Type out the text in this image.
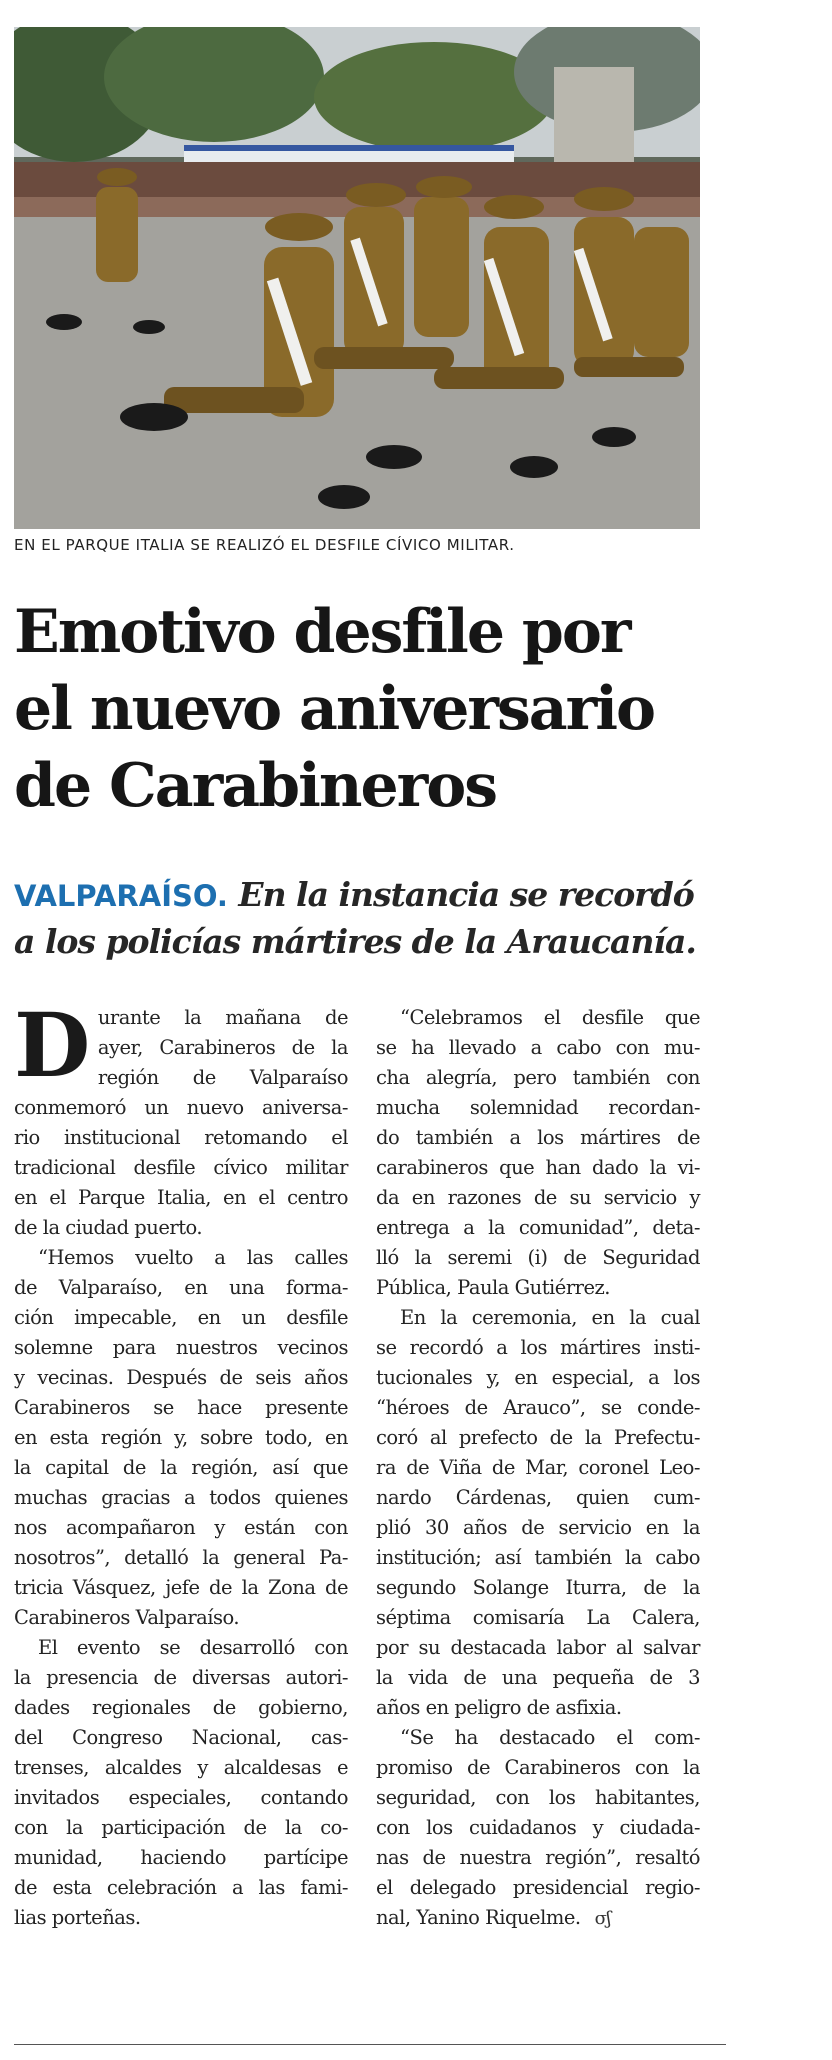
EN EL PARQUE ITALIA SE REALIZÓ EL DESFILE CÍVICO MILITAR.
Emotivo desfile por
el nuevo aniversario
de Carabineros
VALPARAÍSO. En la instancia se recordó
a los policías mártires de la Araucanía.
D urante la mañana de
ayer, Carabineros de la
región de Valparaíso
conmemoró un nuevo aniversa-
rio institucional retomando el
tradicional desfile cívico militar
en el Parque Italia, en el centro
de la ciudad puerto.
“Hemos vuelto a las calles
de Valparaíso, en una forma-
ción impecable, en un desfile
solemne para nuestros vecinos
y vecinas. Después de seis años
Carabineros se hace presente
en esta región y, sobre todo, en
la capital de la región, así que
muchas gracias a todos quienes
nos acompañaron y están con
nosotros”, detalló la general Pa-
tricia Vásquez, jefe de la Zona de
Carabineros Valparaíso.
El evento se desarrolló con
la presencia de diversas autori-
dades regionales de gobierno,
del Congreso Nacional, cas-
trenses, alcaldes y alcaldesas e
invitados especiales, contando
con la participación de la co-
munidad, haciendo partícipe
de esta celebración a las fami-
lias porteñas.
“Celebramos el desfile que
se ha llevado a cabo con mu-
cha alegría, pero también con
mucha solemnidad recordan-
do también a los mártires de
carabineros que han dado la vi-
da en razones de su servicio y
entrega a la comunidad”, deta-
lló la seremi (i) de Seguridad
Pública, Paula Gutiérrez.
En la ceremonia, en la cual
se recordó a los mártires insti-
tucionales y, en especial, a los
“héroes de Arauco”, se conde-
coró al prefecto de la Prefectu-
ra de Viña de Mar, coronel Leo-
nardo Cárdenas, quien cum-
plió 30 años de servicio en la
institución; así también la cabo
segundo Solange Iturra, de la
séptima comisaría La Calera,
por su destacada labor al salvar
la vida de una pequeña de 3
años en peligro de asfixia.
“Se ha destacado el com-
promiso de Carabineros con la
seguridad, con los habitantes,
con los cuidadanos y ciudada-
nas de nuestra región”, resaltó
el delegado presidencial regio-
nal, Yanino Riquelme. σʃ
